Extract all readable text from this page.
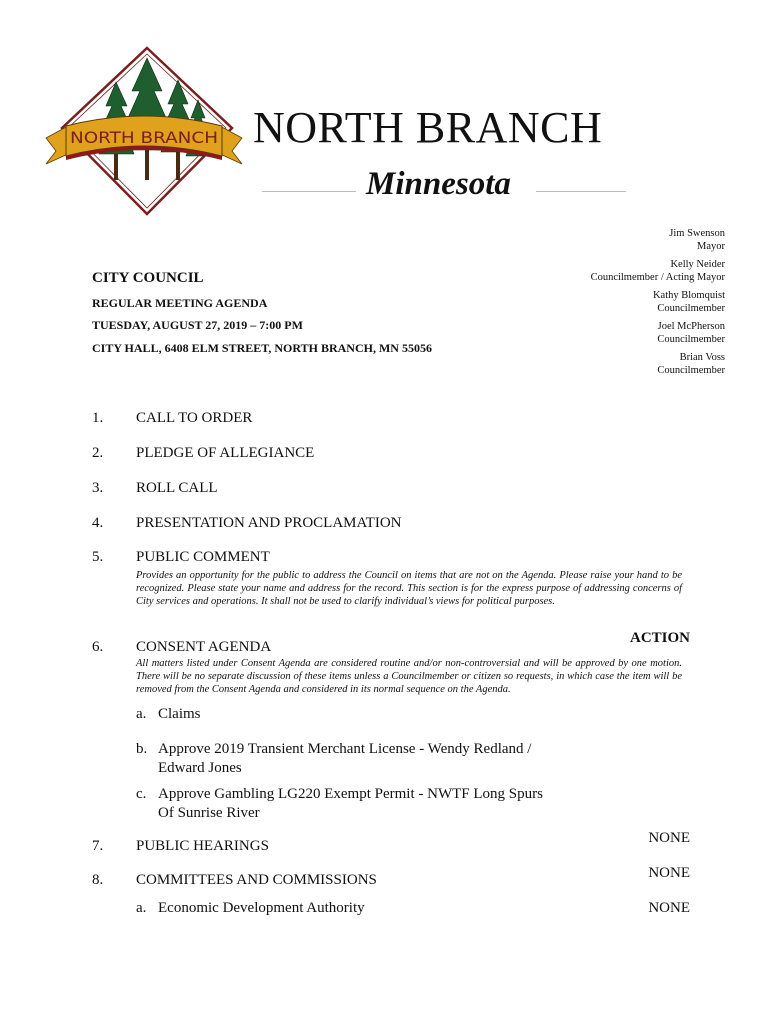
NORTH BRANCH NORTH BRANCH
Minnesota
Jim Swenson
Mayor
Kelly Neider
Councilmember / Acting Mayor
Kathy Blomquist
Councilmember
Joel McPherson
Councilmember
Brian Voss
Councilmember
CITY COUNCIL
REGULAR MEETING AGENDA
TUESDAY, AUGUST 27, 2019 – 7:00 PM
CITY HALL, 6408 ELM STREET, NORTH BRANCH, MN 55056
1. CALL TO ORDER
2. PLEDGE OF ALLEGIANCE
3. ROLL CALL
4. PRESENTATION AND PROCLAMATION
5. PUBLIC COMMENT
Provides an opportunity for the public to address the Council on items that are not on the Agenda. Please raise your hand to be recognized. Please state your name and address for the record. This section is for the express purpose of addressing concerns of City services and operations. It shall not be used to clarify individual’s views for political purposes.
ACTION
6. CONSENT AGENDA
All matters listed under Consent Agenda are considered routine and/or non-controversial and will be approved by one motion. There will be no separate discussion of these items unless a Councilmember or citizen so requests, in which case the item will be removed from the Consent Agenda and considered in its normal sequence on the Agenda.
a. Claims
b. Approve 2019 Transient Merchant License - Wendy Redland /
Edward Jones
c. Approve Gambling LG220 Exempt Permit - NWTF Long Spurs
Of Sunrise River
NONE
7. PUBLIC HEARINGS
NONE
8. COMMITTEES AND COMMISSIONS
a. Economic Development Authority	NONE
